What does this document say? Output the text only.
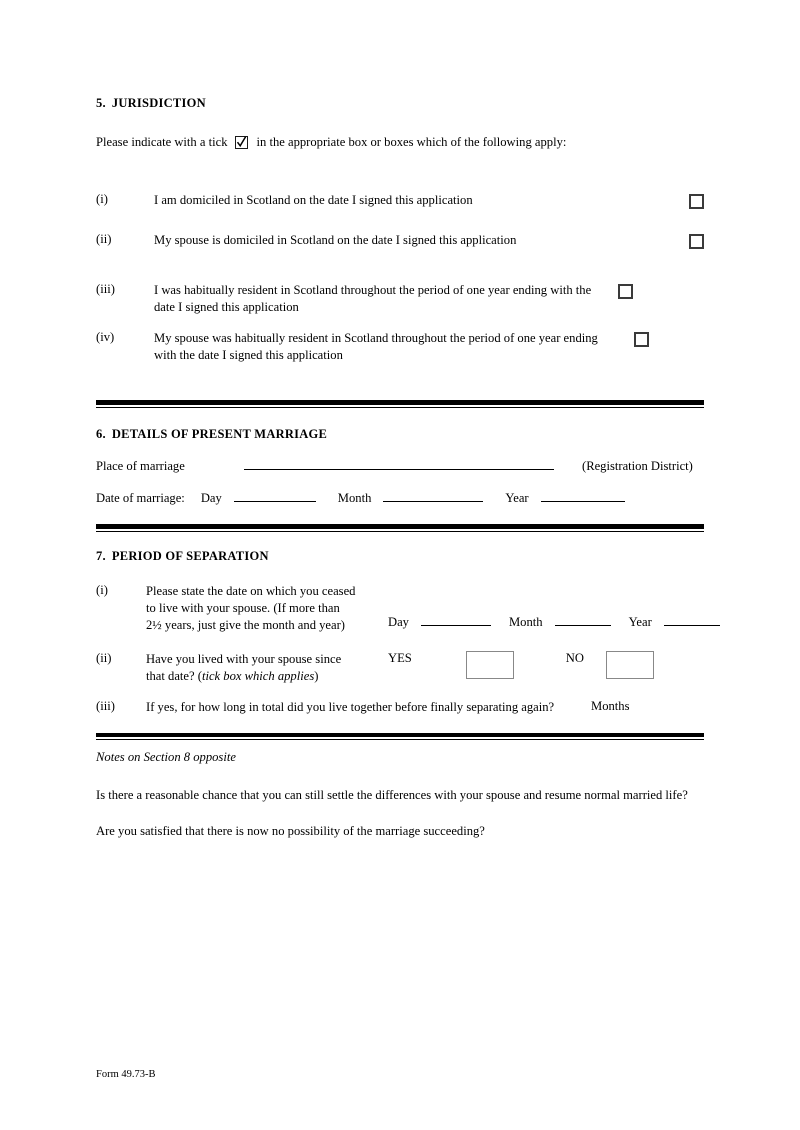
5. JURISDICTION
Please indicate with a tick in the appropriate box or boxes which of the following apply:
(i)	I am domiciled in Scotland on the date I signed this application
(ii)	My spouse is domiciled in Scotland on the date I signed this application
(iii)	I was habitually resident in Scotland throughout the period of one year ending with the date I signed this application
(iv)	My spouse was habitually resident in Scotland throughout the period of one year ending with the date I signed this application
6. DETAILS OF PRESENT MARRIAGE
Place of marriage	(Registration District)
Date of marriage: Day	Month	Year
7. PERIOD OF SEPARATION
(i)	Please state the date on which you ceased
to live with your spouse. (If more than
2½ years, just give the month and year)	Day	Month	Year
(ii)	Have you lived with your spouse since
that date? (tick box which applies)
YES	NO
(iii)	If yes, for how long in total did you live together before finally separating again?	Months
Notes on Section 8 opposite
Is there a reasonable chance that you can still settle the differences with your spouse and resume normal married life?
Are you satisfied that there is now no possibility of the marriage succeeding?
Form 49.73-B
